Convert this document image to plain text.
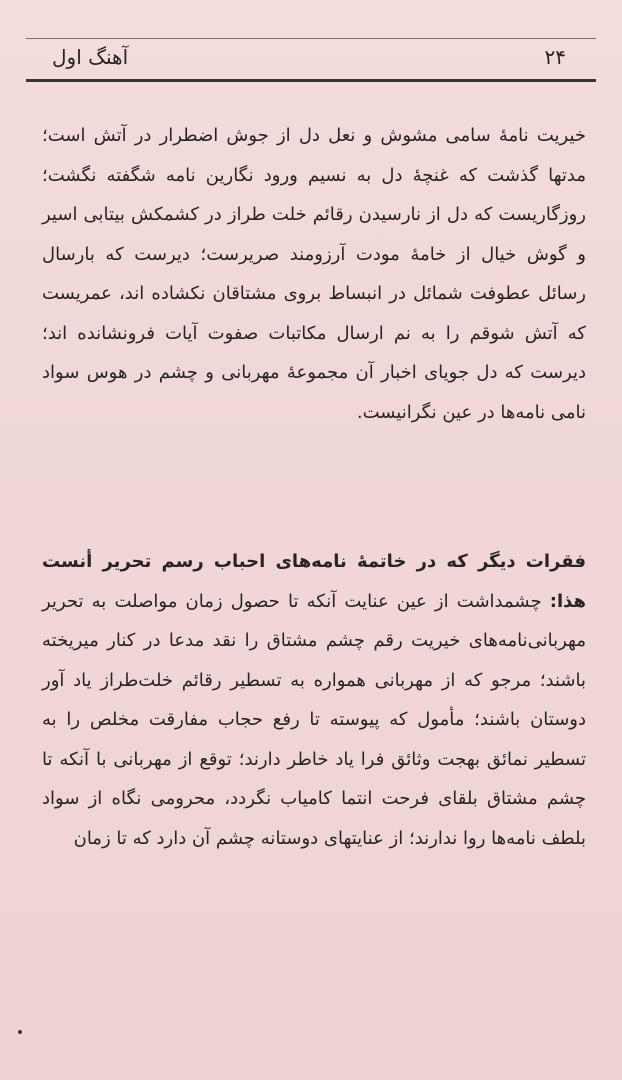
آهنگ اول	۲۴

خیریت نامهٔ سامی مشوش و نعل دل از جوش اضطرار در آتش است؛ مدتها گذشت که غنچهٔ دل به نسیم ورود نگارین نامه شگفته نگشت؛ روزگاریست که دل از نارسیدن رقائم خلت طراز در کشمکش بیتابی اسیر و گوش خیال از خامهٔ مودت آرزومند صریرست؛ دیرست که بارسال رسائل عطوفت شمائل در انبساط بروی مشتاقان نکشاده اند، عمریست که آتش شوقم را به نم ارسال مکاتبات صفوت آیات فرونشانده اند؛ دیرست که دل جویای اخبار آن مجموعهٔ مهربانی و چشم در هوس سواد نامی نامه‌ها در عین نگرانیست.

فقرات دیگر که در خاتمهٔ نامه‌های احباب رسم تحریر أنست هذا: چشمداشت از عین عنایت آنکه تا حصول زمان مواصلت به تحریر مهربانی‌نامه‌های خیریت رقم چشم مشتاق را نقد مدعا در کنار میریخته باشند؛ مرجو که از مهربانی همواره به تسطیر رقائم خلت‌طراز یاد آور دوستان باشند؛ مأمول که پیوسته تا رفع حجاب مفارقت مخلص را به تسطیر نمائق بهجت وثائق فرا یاد خاطر دارند؛ توقع از مهربانی با آنکه تا چشم مشتاق بلقای فرحت انتما کامیاب نگردد، محرومی نگاه از سواد بلطف نامه‌ها روا ندارند؛ از عنایتهای دوستانه چشم آن دارد که تا زمان
